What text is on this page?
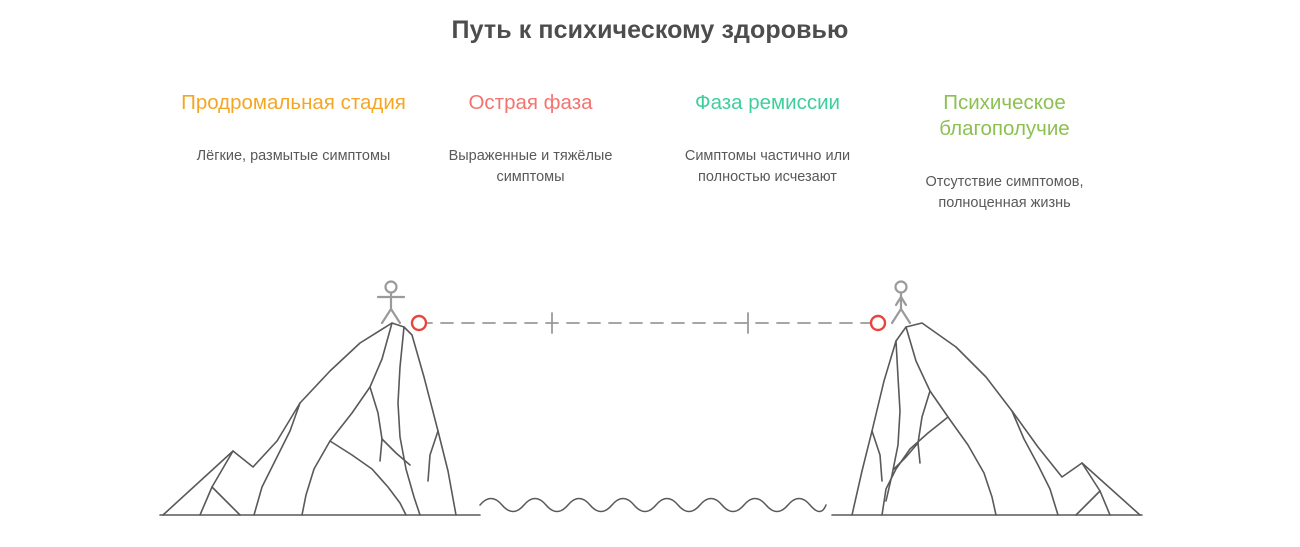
Путь к психическому здоровью
Продромальная стадия
Лёгкие, размытые симптомы
Острая фаза
Выраженные и тяжёлые симптомы
Фаза ремиссии
Симптомы частично или полностью исчезают
Психическое благополучие
Отсутствие симптомов, полноценная жизнь
